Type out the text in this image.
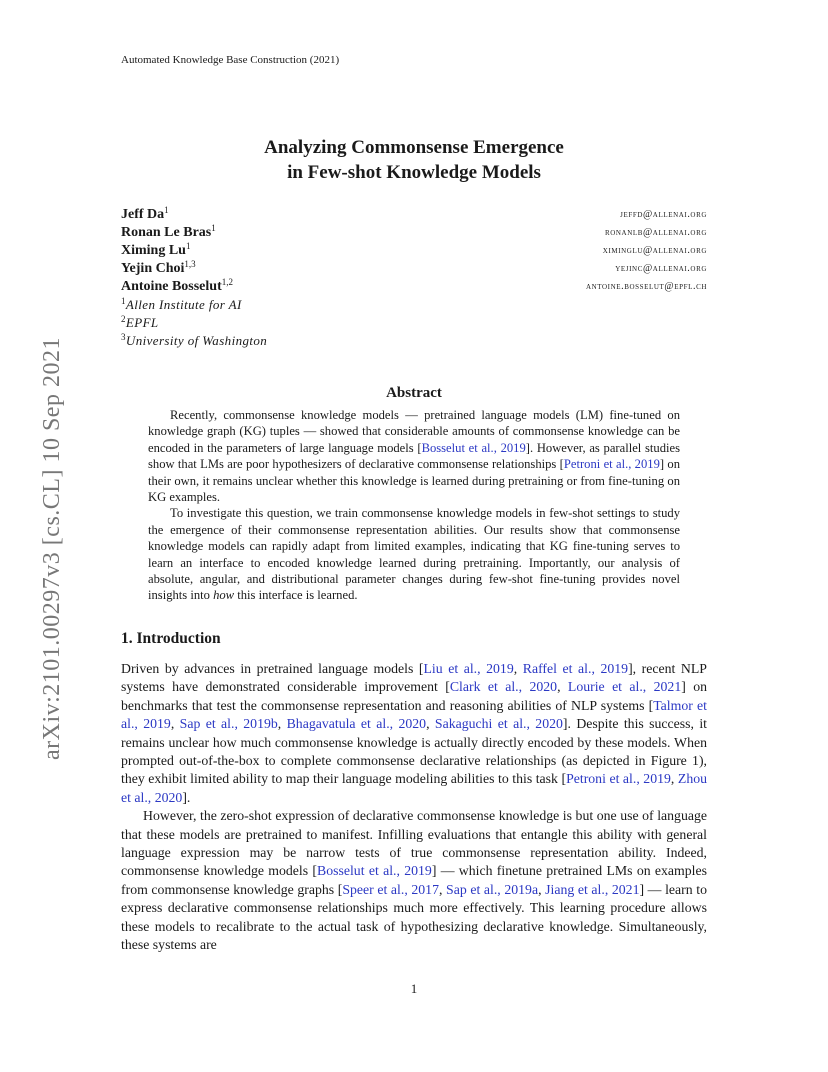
Automated Knowledge Base Construction (2021)
arXiv:2101.00297v3 [cs.CL] 10 Sep 2021
Analyzing Commonsense Emergence
in Few-shot Knowledge Models
Jeff Da$^1$	jeffd@allenai.org
Ronan Le Bras$^1$	ronanlb@allenai.org
Ximing Lu$^1$	ximinglu@allenai.org
Yejin Choi$^{1,3}$	yejinc@allenai.org
Antoine Bosselut$^{1,2}$	antoine.bosselut@epfl.ch
$^1$Allen Institute for AI
$^2$EPFL
$^3$University of Washington
Abstract

Recently, commonsense knowledge models — pretrained language models (LM) fine-tuned on knowledge graph (KG) tuples — showed that considerable amounts of commonsense knowledge can be encoded in the parameters of large language models [Bosselut et al., 2019]. However, as parallel studies show that LMs are poor hypothesizers of declarative commonsense relationships [Petroni et al., 2019] on their own, it remains unclear whether this knowledge is learned during pretraining or from fine-tuning on KG examples.

To investigate this question, we train commonsense knowledge models in few-shot settings to study the emergence of their commonsense representation abilities. Our results show that commonsense knowledge models can rapidly adapt from limited examples, indicating that KG fine-tuning serves to learn an interface to encoded knowledge learned during pretraining. Importantly, our analysis of absolute, angular, and distributional parameter changes during few-shot fine-tuning provides novel insights into how this interface is learned.

1. Introduction

Driven by advances in pretrained language models [Liu et al., 2019, Raffel et al., 2019], recent NLP systems have demonstrated considerable improvement [Clark et al., 2020, Lourie et al., 2021] on benchmarks that test the commonsense representation and reasoning abilities of NLP systems [Talmor et al., 2019, Sap et al., 2019b, Bhagavatula et al., 2020, Sakaguchi et al., 2020]. Despite this success, it remains unclear how much commonsense knowledge is actually directly encoded by these models. When prompted out-of-the-box to complete commonsense declarative relationships (as depicted in Figure 1), they exhibit limited ability to map their language modeling abilities to this task [Petroni et al., 2019, Zhou et al., 2020].

However, the zero-shot expression of declarative commonsense knowledge is but one use of language that these models are pretrained to manifest. Infilling evaluations that entangle this ability with general language expression may be narrow tests of true commonsense representation ability. Indeed, commonsense knowledge models [Bosselut et al., 2019] — which finetune pretrained LMs on examples from commonsense knowledge graphs [Speer et al., 2017, Sap et al., 2019a, Jiang et al., 2021] — learn to express declarative commonsense relationships much more effectively. This learning procedure allows these models to recalibrate to the actual task of hypothesizing declarative knowledge. Simultaneously, these systems are

1
